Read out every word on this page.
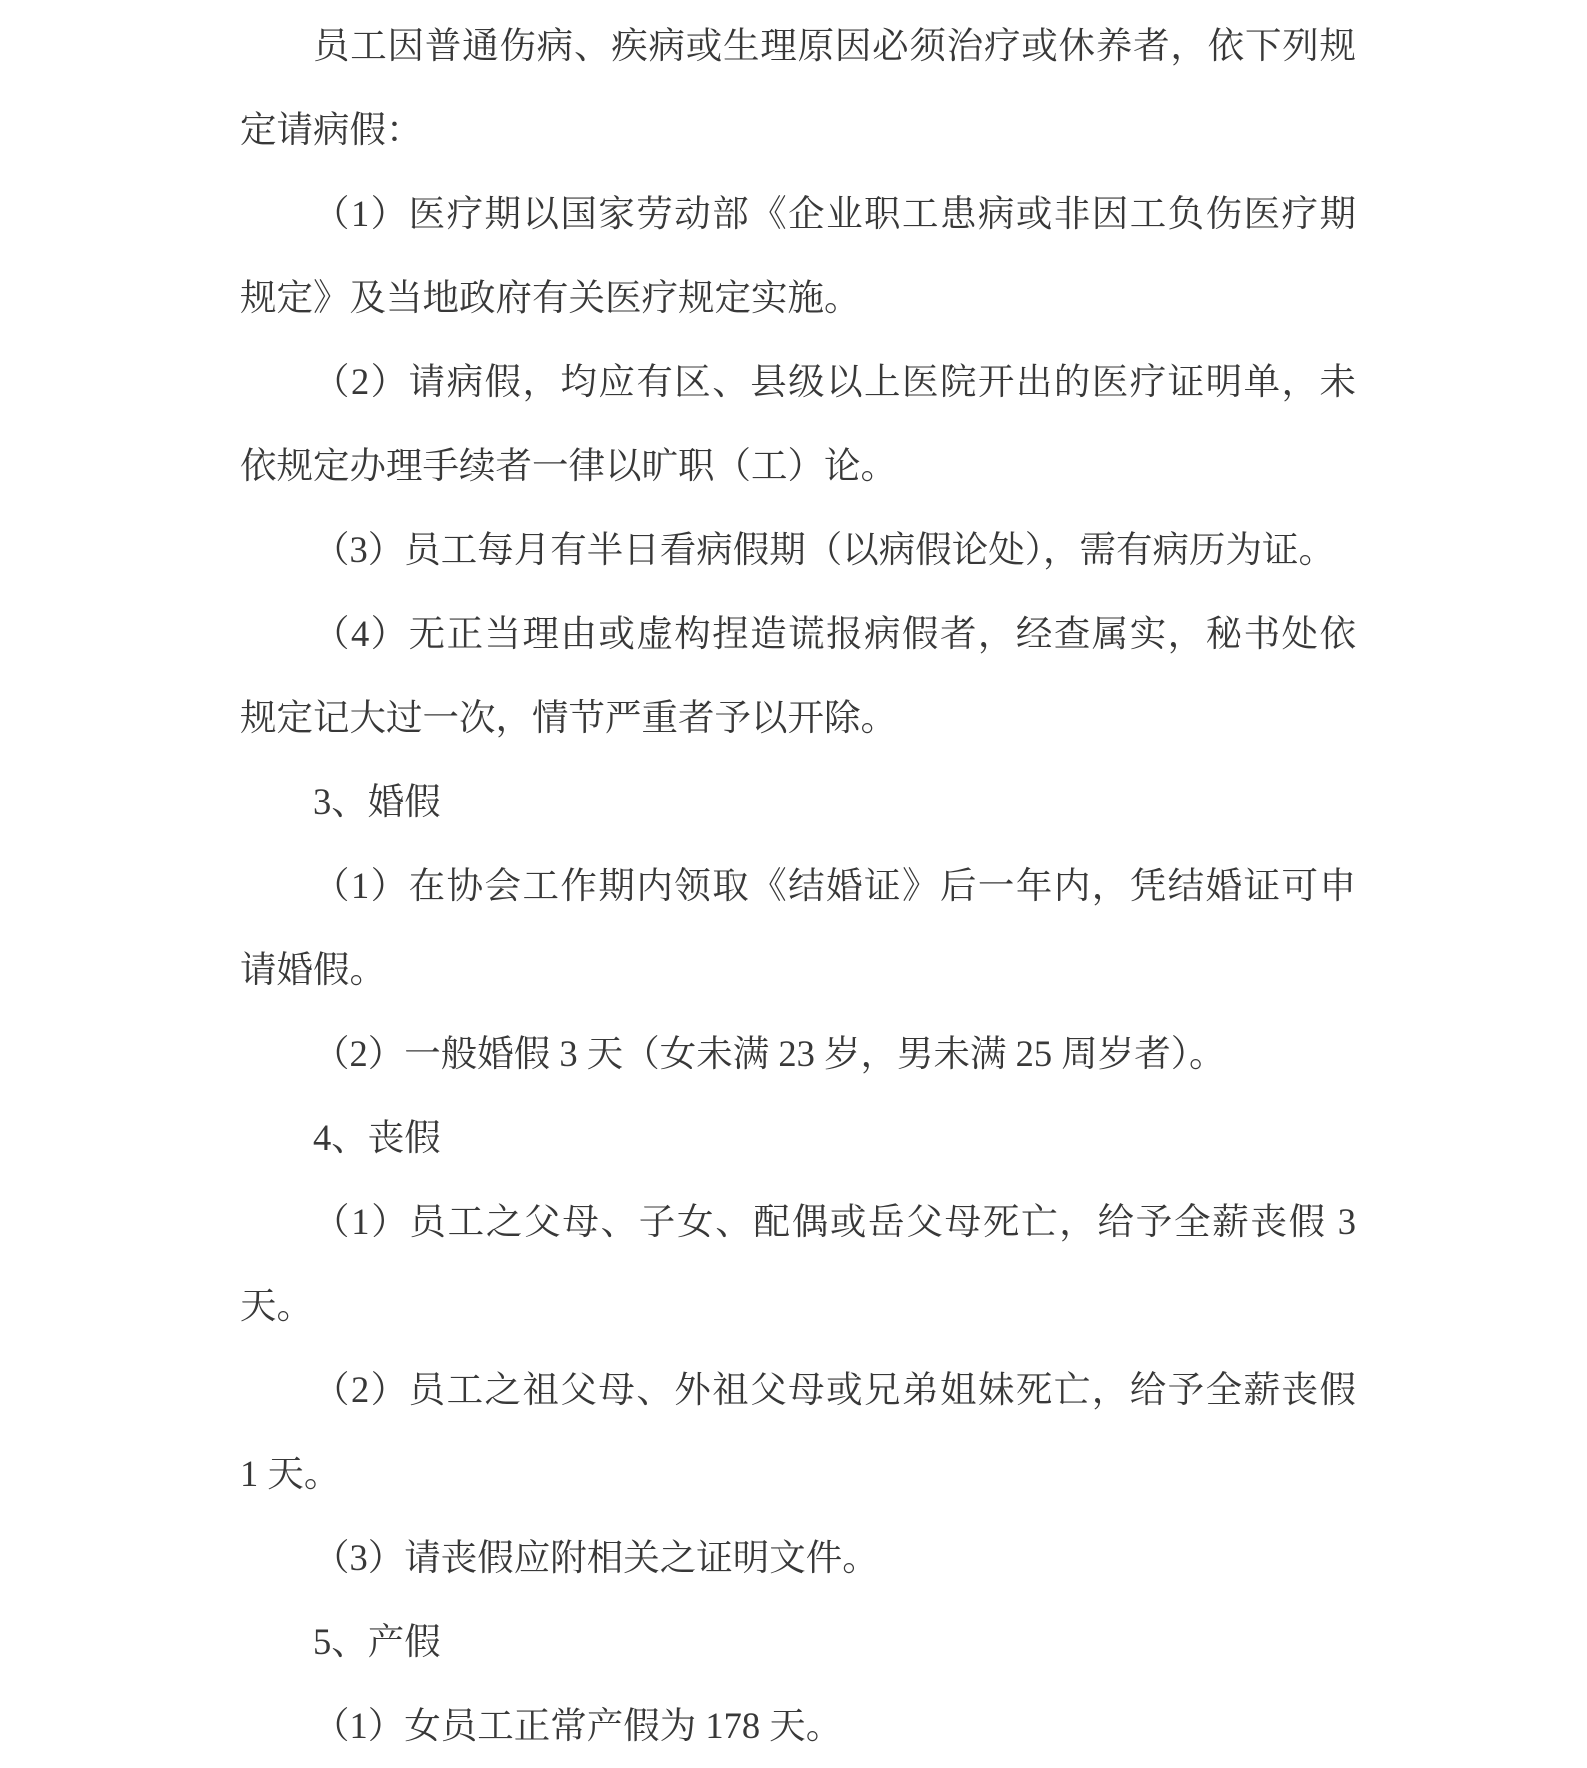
员工因普通伤病、疾病或生理原因必须治疗或休养者，依下列规
定请病假：
（1）医疗期以国家劳动部《企业职工患病或非因工负伤医疗期
规定》及当地政府有关医疗规定实施。
（2）请病假，均应有区、县级以上医院开出的医疗证明单，未
依规定办理手续者一律以旷职（工）论。
（3）员工每月有半日看病假期（以病假论处），需有病历为证。
（4）无正当理由或虚构捏造谎报病假者，经查属实，秘书处依
规定记大过一次，情节严重者予以开除。
3、婚假
（1）在协会工作期内领取《结婚证》后一年内，凭结婚证可申
请婚假。
（2）一般婚假 3 天（女未满 23 岁，男未满 25 周岁者）。
4、丧假
（1）员工之父母、子女、配偶或岳父母死亡，给予全薪丧假 3
天。
（2）员工之祖父母、外祖父母或兄弟姐妹死亡，给予全薪丧假
1 天。
（3）请丧假应附相关之证明文件。
5、产假
（1）女员工正常产假为 178 天。
